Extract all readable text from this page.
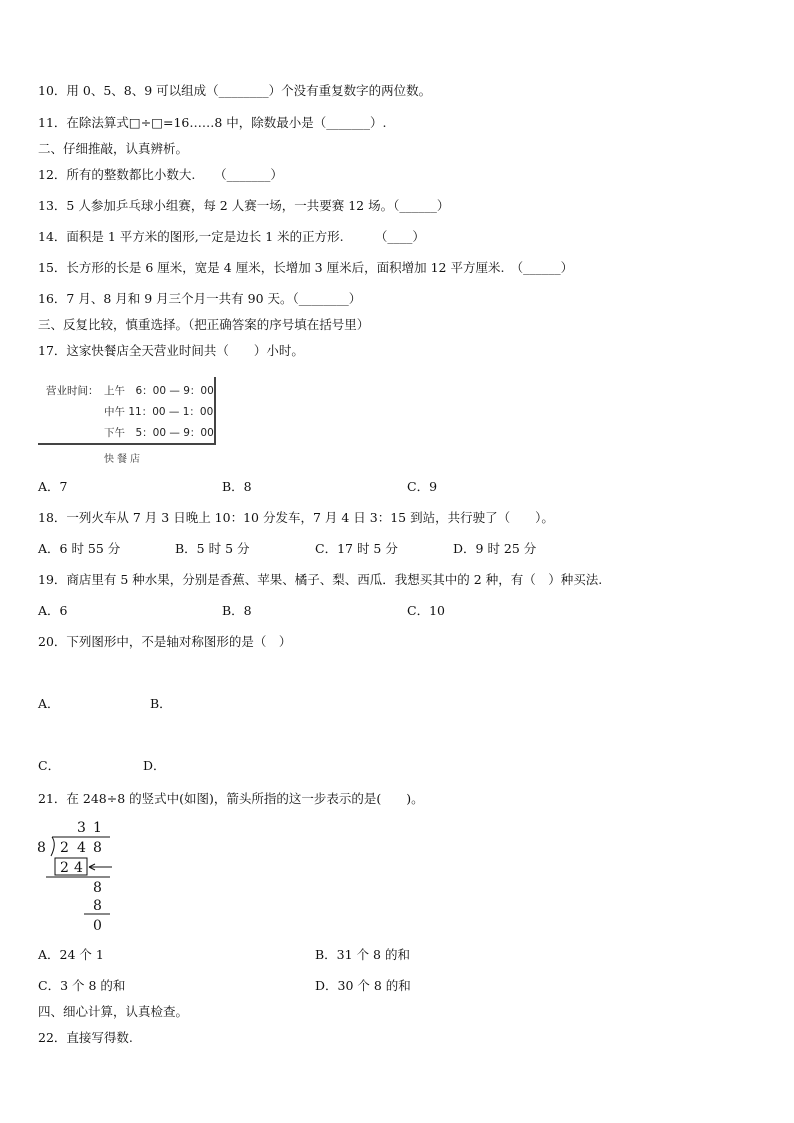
10．用 0、5、8、9 可以组成（________）个没有重复数字的两位数。
11．在除法算式□÷□=16……8 中，除数最小是（_______）.
二、仔细推敲，认真辨析。
12．所有的整数都比小数大.　　（_______）
13．5 人参加乒乓球小组赛，每 2 人赛一场，一共要赛 12 场。（______）
14．面积是 1 平方米的图形,一定是边长 1 米的正方形.　　　（____）
15．长方形的长是 6 厘米，宽是 4 厘米，长增加 3 厘米后，面积增加 12 平方厘米.　（______）
16．7 月、8 月和 9 月三个月一共有 90 天。（________）
三、反复比较，慎重选择。（把正确答案的序号填在括号里）
17．这家快餐店全天营业时间共（　　）小时。
营业时间： 上午　6：00 — 9：00
中午 11：00 — 1：00
下午　5：00 — 9：00
快餐店
A．7	B．8	C．9
18．一列火车从 7 月 3 日晚上 10：10 分发车，7 月 4 日 3：15 到站，共行驶了（　　）。
A．6 时 55 分	B．5 时 5 分	C．17 时 5 分	D．9 时 25 分
19．商店里有 5 种水果，分别是香蕉、苹果、橘子、梨、西瓜．我想买其中的 2 种，有（　）种买法.
A．6	B．8	C．10
20．下列图形中，不是轴对称图形的是（　）
A．	B．
C．	D．
21．在 248÷8 的竖式中(如图)，箭头所指的这一步表示的是(　　)。
3 1
8 2 4 8
2 4
8
8
0
A．24 个 1	B．31 个 8 的和
C．3 个 8 的和	D．30 个 8 的和
四、细心计算，认真检查。
22．直接写得数.
